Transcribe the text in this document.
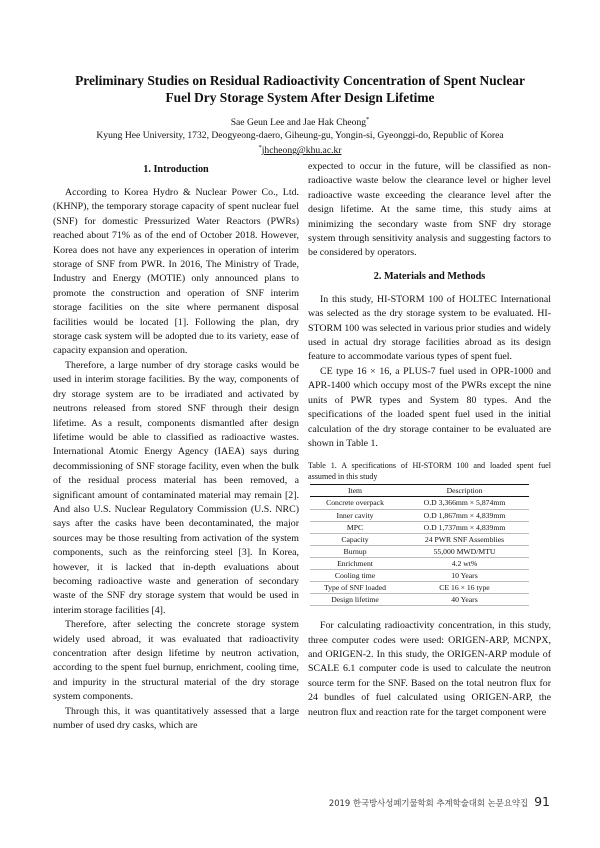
Preliminary Studies on Residual Radioactivity Concentration of Spent Nuclear
Fuel Dry Storage System After Design Lifetime
Sae Geun Lee and Jae Hak Cheong*
Kyung Hee University, 1732, Deogyeong-daero, Giheung-gu, Yongin-si, Gyeonggi-do, Republic of Korea
*jhcheong@khu.ac.kr
1. Introduction

According to Korea Hydro & Nuclear Power Co., Ltd. (KHNP), the temporary storage capacity of spent nuclear fuel (SNF) for domestic Pressurized Water Reactors (PWRs) reached about 71% as of the end of October 2018. However, Korea does not have any experiences in operation of interim storage of SNF from PWR. In 2016, The Ministry of Trade, Industry and Energy (MOTIE) only announced plans to promote the construction and operation of SNF interim storage facilities on the site where permanent disposal facilities would be located [1]. Following the plan, dry storage cask system will be adopted due to its variety, ease of capacity expansion and operation.

Therefore, a large number of dry storage casks would be used in interim storage facilities. By the way, components of dry storage system are to be irradiated and activated by neutrons released from stored SNF through their design lifetime. As a result, components dismantled after design lifetime would be able to classified as radioactive wastes. International Atomic Energy Agency (IAEA) says during decommissioning of SNF storage facility, even when the bulk of the residual process material has been removed, a significant amount of contaminated material may remain [2]. And also U.S. Nuclear Regulatory Commission (U.S. NRC) says after the casks have been decontaminated, the major sources may be those resulting from activation of the system components, such as the reinforcing steel [3]. In Korea, however, it is lacked that in-depth evaluations about becoming radioactive waste and generation of secondary waste of the SNF dry storage system that would be used in interim storage facilities [4].

Therefore, after selecting the concrete storage system widely used abroad, it was evaluated that radioactivity concentration after design lifetime by neutron activation, according to the spent fuel burnup, enrichment, cooling time, and impurity in the structural material of the dry storage system components.

Through this, it was quantitatively assessed that a large number of used dry casks, which are

expected to occur in the future, will be classified as non-radioactive waste below the clearance level or higher level radioactive waste exceeding the clearance level after the design lifetime. At the same time, this study aims at minimizing the secondary waste from SNF dry storage system through sensitivity analysis and suggesting factors to be considered by operators.

2. Materials and Methods

In this study, HI-STORM 100 of HOLTEC International was selected as the dry storage system to be evaluated. HI-STORM 100 was selected in various prior studies and widely used in actual dry storage facilities abroad as its design feature to accommodate various types of spent fuel.

CE type 16 × 16, a PLUS-7 fuel used in OPR-1000 and APR-1400 which occupy most of the PWRs except the nine units of PWR types and System 80 types. And the specifications of the loaded spent fuel used in the initial calculation of the dry storage container to be evaluated are shown in Table 1.

Table 1. A specifications of HI-STORM 100 and loaded spent fuel assumed in this study
Item	Description
Concrete overpack	O.D 3,366mm × 5,874mm
Inner cavity	O.D 1,867mm × 4,839mm
MPC	O.D 1,737mm × 4,839mm
Capacity	24 PWR SNF Assemblies
Burnup	55,000 MWD/MTU
Enrichment	4.2 wt%
Cooling time	10 Years
Type of SNF loaded	CE 16 × 16 type
Design lifetime	40 Years

For calculating radioactivity concentration, in this study, three computer codes were used: ORIGEN-ARP, MCNPX, and ORIGEN-2. In this study, the ORIGEN-ARP module of SCALE 6.1 computer code is used to calculate the neutron source term for the SNF. Based on the total neutron flux for 24 bundles of fuel calculated using ORIGEN-ARP, the neutron flux and reaction rate for the target component were

2019 한국방사성폐기물학회 추계학술대회 논문요약집 91
